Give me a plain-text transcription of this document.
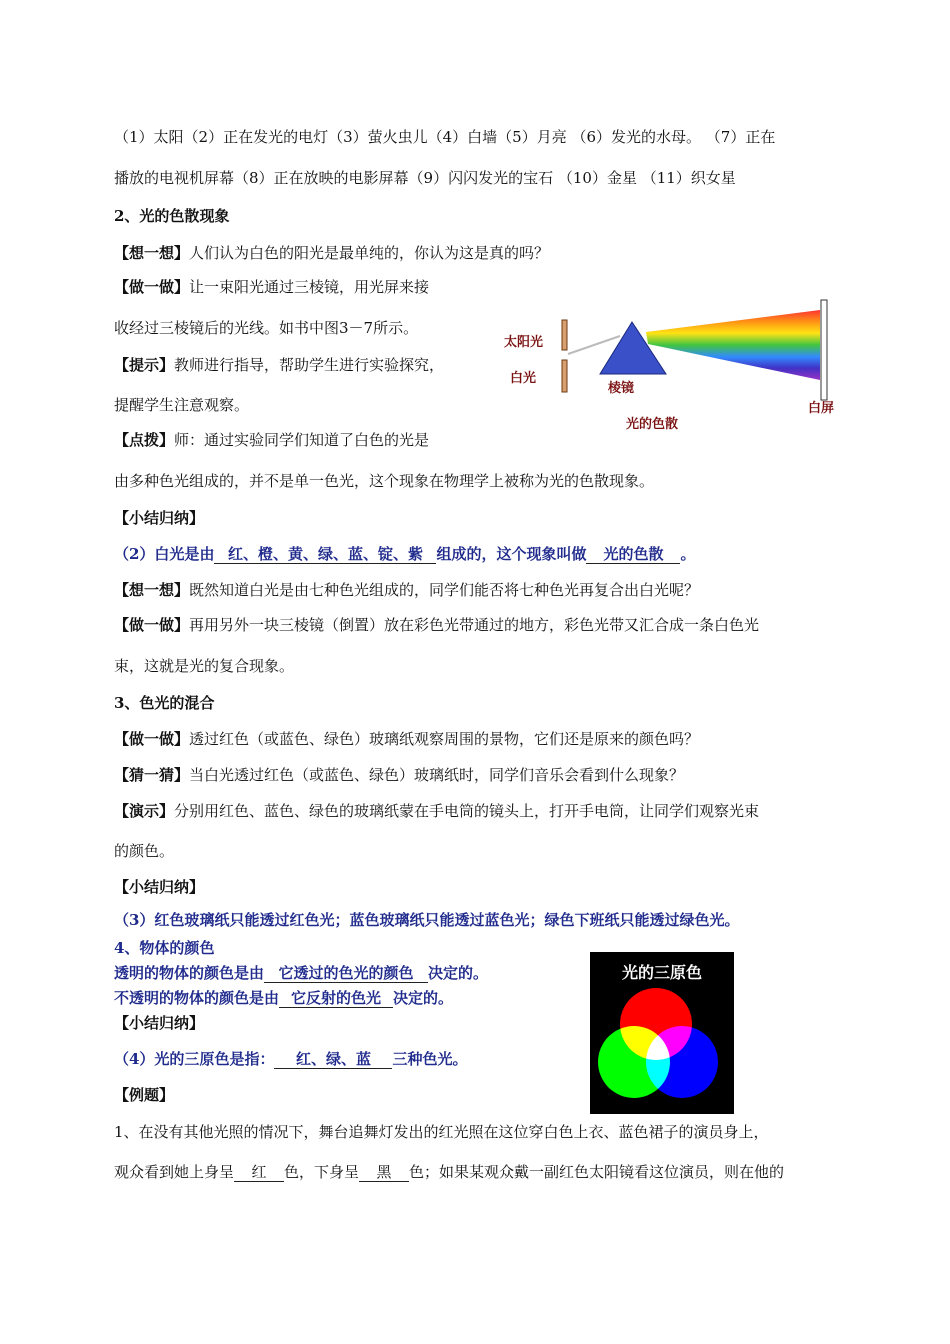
（1）太阳（2）正在发光的电灯（3）萤火虫儿（4）白墙（5）月亮 （6）发光的水母。 （7）正在
播放的电视机屏幕（8）正在放映的电影屏幕（9）闪闪发光的宝石 （10）金星 （11）织女星
2、光的色散现象
【想一想】人们认为白色的阳光是最单纯的，你认为这是真的吗？
【做一做】让一束阳光通过三棱镜，用光屏来接
收经过三棱镜后的光线。如书中图3－7所示。
【提示】教师进行指导，帮助学生进行实验探究，
提醒学生注意观察。
【点拨】师：通过实验同学们知道了白色的光是
由多种色光组成的，并不是单一色光，这个现象在物理学上被称为光的色散现象。
【小结归纳】
（2）白光是由 红、橙、黄、绿、蓝、锭、紫 组成的，这个现象叫做 光的色散 。
【想一想】既然知道白光是由七种色光组成的，同学们能否将七种色光再复合出白光呢？
【做一做】再用另外一块三棱镜（倒置）放在彩色光带通过的地方，彩色光带又汇合成一条白色光
束，这就是光的复合现象。
3、色光的混合
【做一做】透过红色（或蓝色、绿色）玻璃纸观察周围的景物，它们还是原来的颜色吗？
【猜一猜】当白光透过红色（或蓝色、绿色）玻璃纸时，同学们音乐会看到什么现象？
【演示】分别用红色、蓝色、绿色的玻璃纸蒙在手电筒的镜头上，打开手电筒，让同学们观察光束
的颜色。
【小结归纳】
（3）红色玻璃纸只能透过红色光；蓝色玻璃纸只能透过蓝色光；绿色下班纸只能透过绿色光。
4、物体的颜色
透明的物体的颜色是由 它透过的色光的颜色 决定的。
不透明的物体的颜色是由 它反射的色光 决定的。
【小结归纳】
（4）光的三原色是指： 红、绿、蓝 三种色光。
【例题】
1、在没有其他光照的情况下，舞台追舞灯发出的红光照在这位穿白色上衣、蓝色裙子的演员身上，
观众看到她上身呈 红 色，下身呈 黑 色；如果某观众戴一副红色太阳镜看这位演员，则在他的
太阳光
白光
棱镜
白屏
光的色散
光的三原色
